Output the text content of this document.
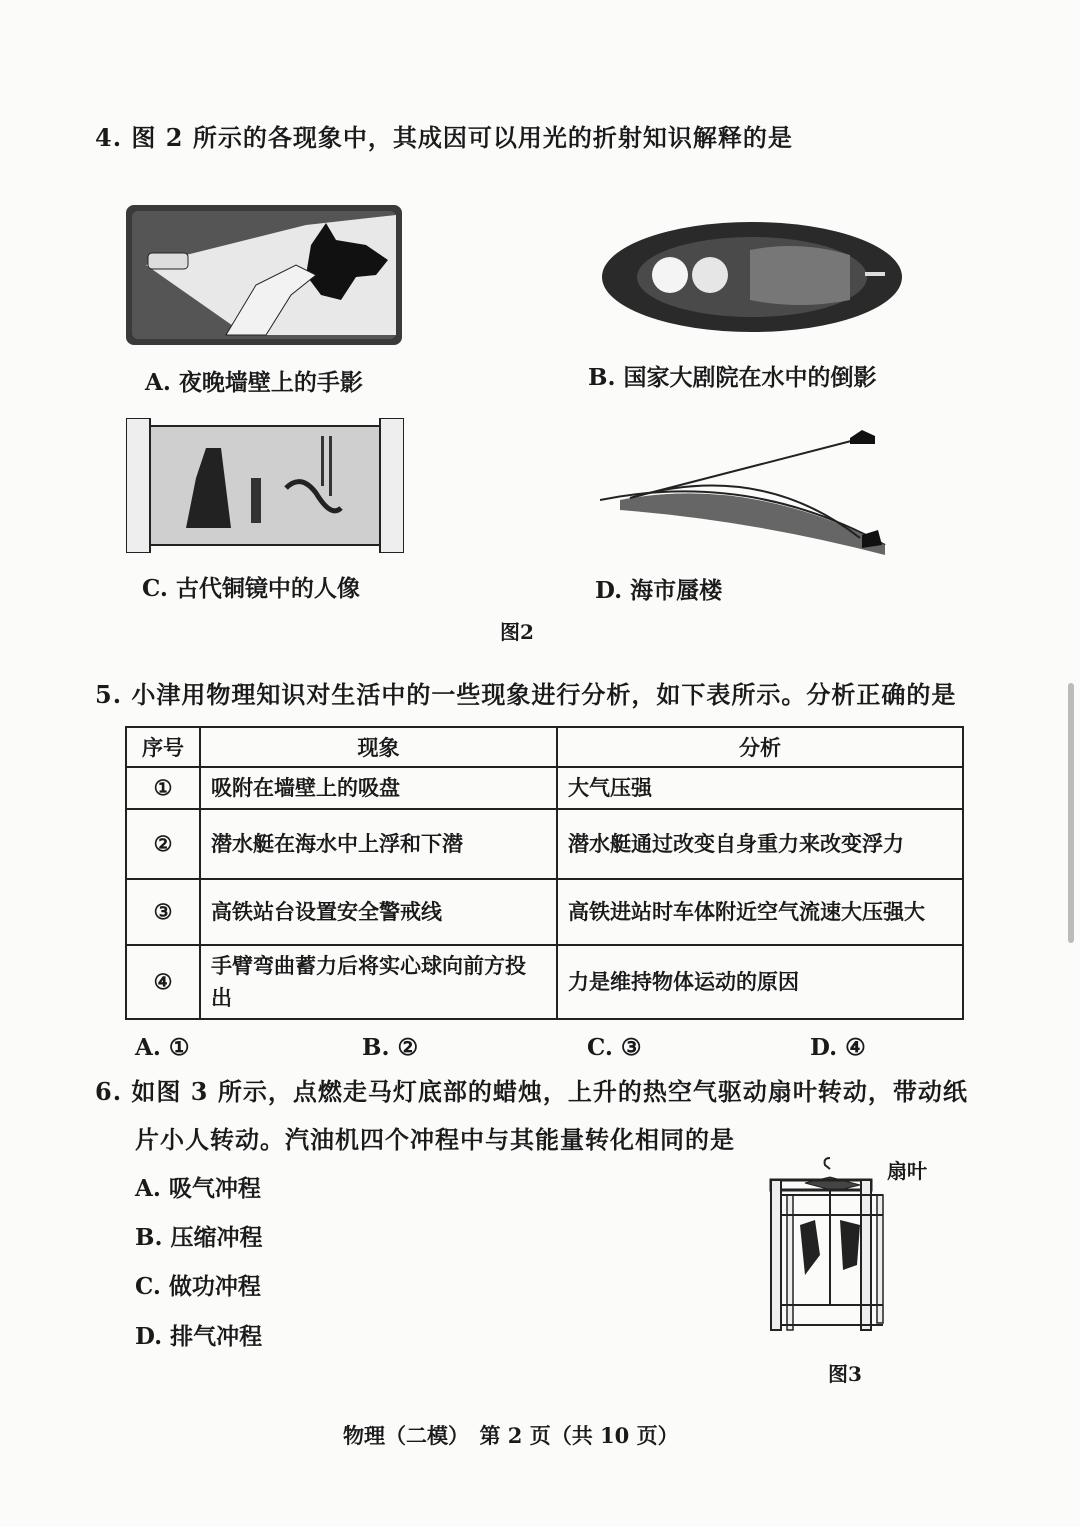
4. 图 2 所示的各现象中，其成因可以用光的折射知识解释的是
A. 夜晚墙壁上的手影	B. 国家大剧院在水中的倒影
C. 古代铜镜中的人像	D. 海市蜃楼
图2
5. 小津用物理知识对生活中的一些现象进行分析，如下表所示。分析正确的是
序号	现象	分析
①	吸附在墙壁上的吸盘	大气压强
②	潜水艇在海水中上浮和下潜	潜水艇通过改变自身重力来改变浮力
③	高铁站台设置安全警戒线	高铁进站时车体附近空气流速大压强大
④	手臂弯曲蓄力后将实心球向前方投出	力是维持物体运动的原因
A. ①	B. ②	C. ③	D. ④
6. 如图 3 所示，点燃走马灯底部的蜡烛，上升的热空气驱动扇叶转动，带动纸
片小人转动。汽油机四个冲程中与其能量转化相同的是
A. 吸气冲程
B. 压缩冲程
C. 做功冲程
D. 排气冲程
扇叶
图3
物理（二模）　第 2 页（共 10 页）
